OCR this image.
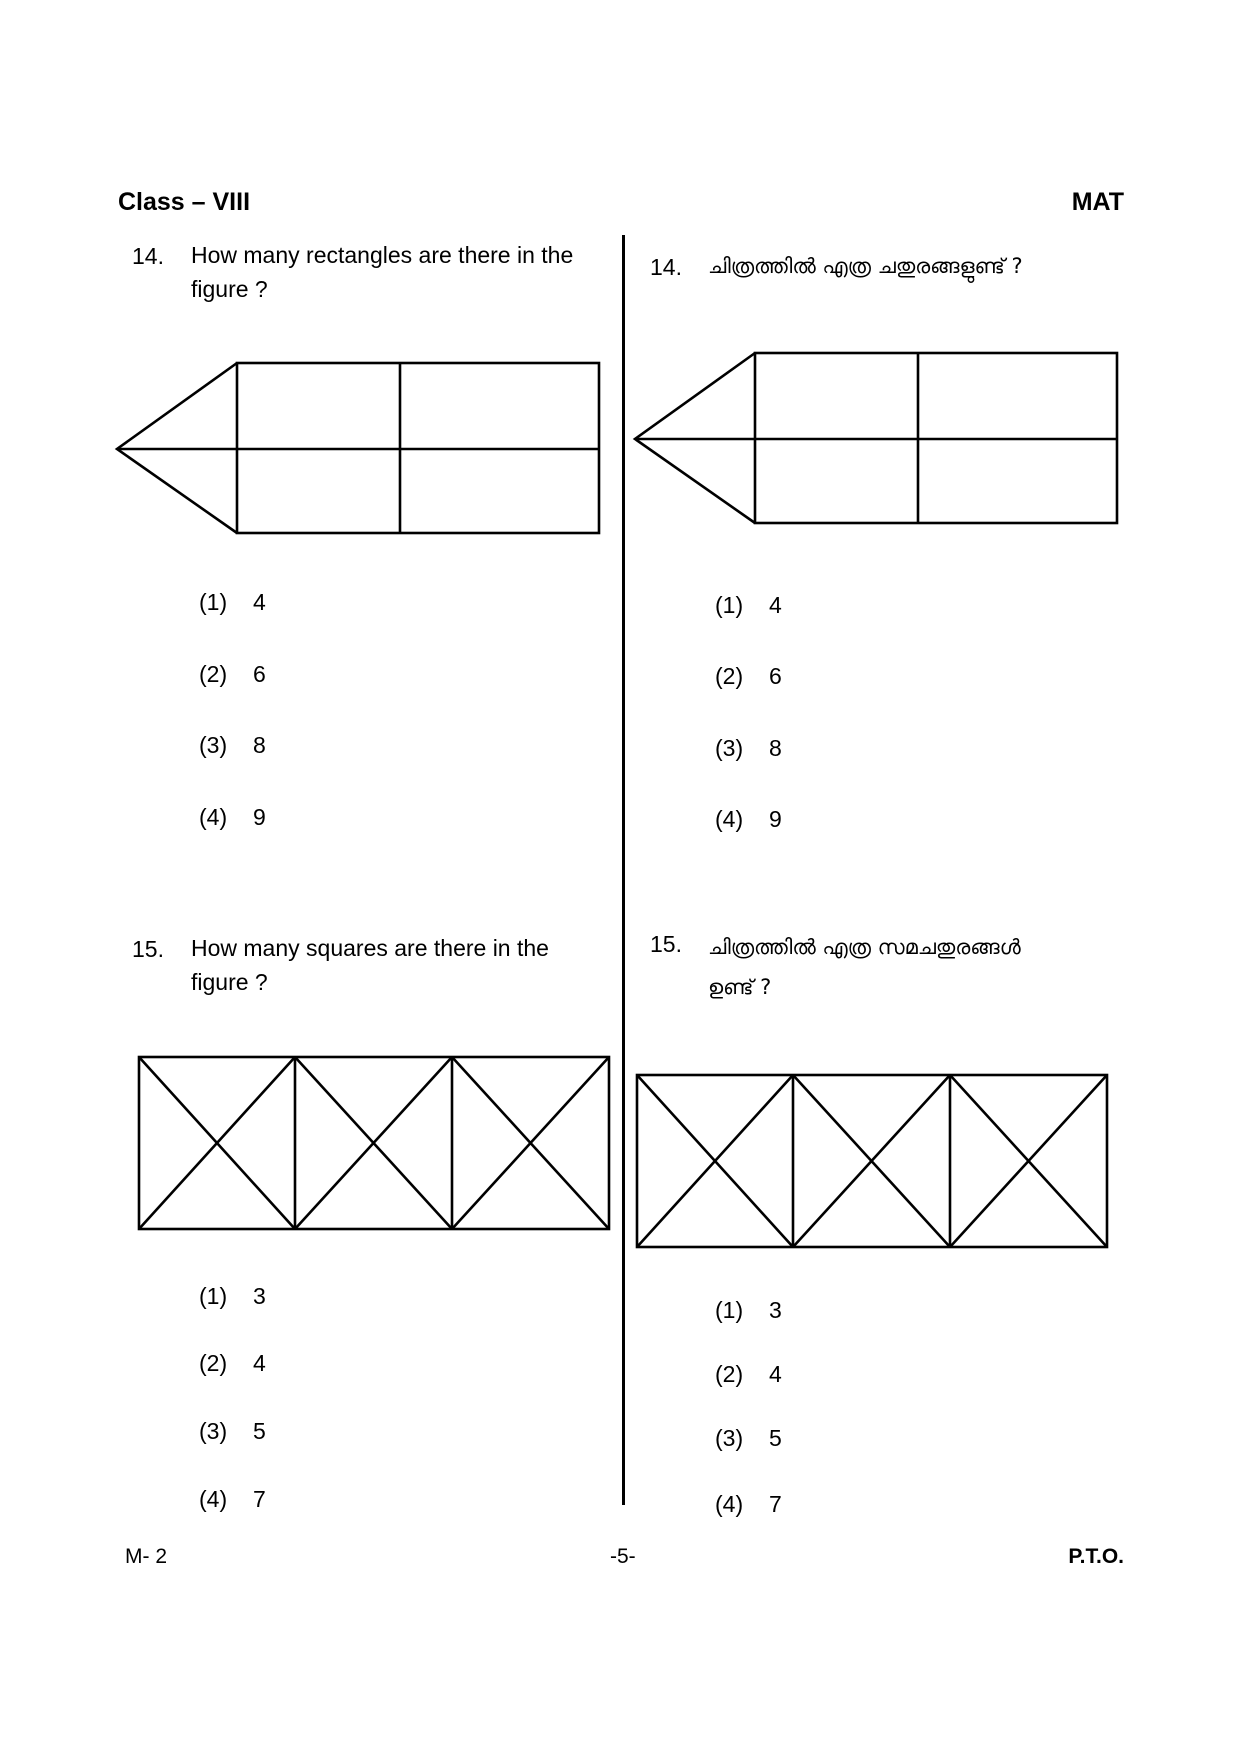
Class – VIII	MAT
14. How many rectangles are there in the
figure ?
(1) 4
(2) 6
(3) 8
(4) 9
14. ചിത്രത്തിൽ എത്ര ചതുരങ്ങളുണ്ട് ?
(1) 4
(2) 6
(3) 8
(4) 9
15. How many squares are there in the
figure ?
(1) 3
(2) 4
(3) 5
(4) 7
15. ചിത്രത്തിൽ എത്ര സമചതുരങ്ങൾ
ഉണ്ട് ?
(1) 3
(2) 4
(3) 5
(4) 7
M- 2	-5-	P.T.O.
